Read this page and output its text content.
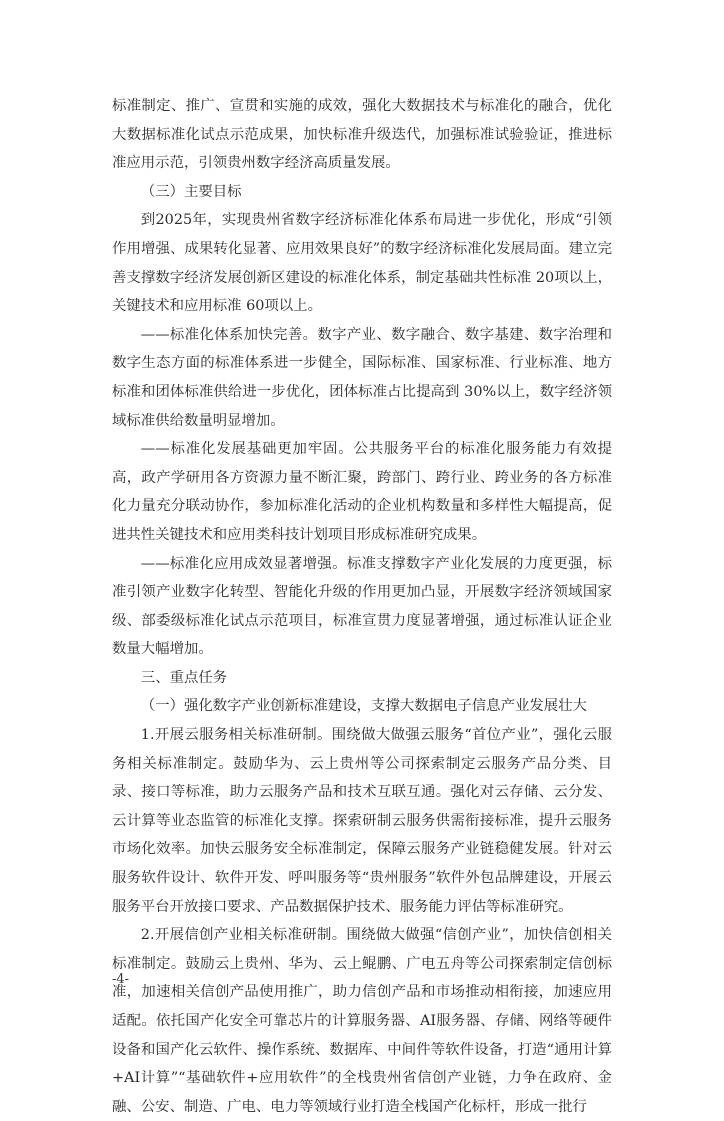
标准制定、推广、宣贯和实施的成效，强化大数据技术与标准化的融合，优化大数据标准化试点示范成果，加快标准升级迭代，加强标准试验验证，推进标准应用示范，引领贵州数字经济高质量发展。

（三）主要目标

到2025年，实现贵州省数字经济标准化体系布局进一步优化，形成“引领作用增强、成果转化显著、应用效果良好”的数字经济标准化发展局面。建立完善支撑数字经济发展创新区建设的标准化体系，制定基础共性标准 20项以上，关键技术和应用标准 60项以上。

——标准化体系加快完善。数字产业、数字融合、数字基建、数字治理和数字生态方面的标准体系进一步健全，国际标准、国家标准、行业标准、地方标准和团体标准供给进一步优化，团体标准占比提高到 30%以上，数字经济领域标准供给数量明显增加。

——标准化发展基础更加牢固。公共服务平台的标准化服务能力有效提高，政产学研用各方资源力量不断汇聚，跨部门、跨行业、跨业务的各方标准化力量充分联动协作，参加标准化活动的企业机构数量和多样性大幅提高，促进共性关键技术和应用类科技计划项目形成标准研究成果。

——标准化应用成效显著增强。标准支撑数字产业化发展的力度更强，标准引领产业数字化转型、智能化升级的作用更加凸显，开展数字经济领域国家级、部委级标准化试点示范项目，标准宣贯力度显著增强，通过标准认证企业数量大幅增加。

三、重点任务

（一）强化数字产业创新标准建设，支撑大数据电子信息产业发展壮大

1.开展云服务相关标准研制。围绕做大做强云服务“首位产业”，强化云服务相关标准制定。鼓励华为、云上贵州等公司探索制定云服务产品分类、目录、接口等标准，助力云服务产品和技术互联互通。强化对云存储、云分发、云计算等业态监管的标准化支撑。探索研制云服务供需衔接标准，提升云服务市场化效率。加快云服务安全标准制定，保障云服务产业链稳健发展。针对云服务软件设计、软件开发、呼叫服务等“贵州服务”软件外包品牌建设，开展云服务平台开放接口要求、产品数据保护技术、服务能力评估等标准研究。

2.开展信创产业相关标准研制。围绕做大做强“信创产业”，加快信创相关标准制定。鼓励云上贵州、华为、云上鲲鹏、广电五舟等公司探索制定信创标准，加速相关信创产品使用推广，助力信创产品和市场推动相衔接，加速应用适配。依托国产化安全可靠芯片的计算服务器、AI服务器、存储、网络等硬件设备和国产化云软件、操作系统、数据库、中间件等软件设备，打造“通用计算+AI计算”“基础软件+应用软件”的全栈贵州省信创产业链，力争在政府、金融、公安、制造、广电、电力等领域行业打造全栈国产化标杆，形成一批行

-4-
